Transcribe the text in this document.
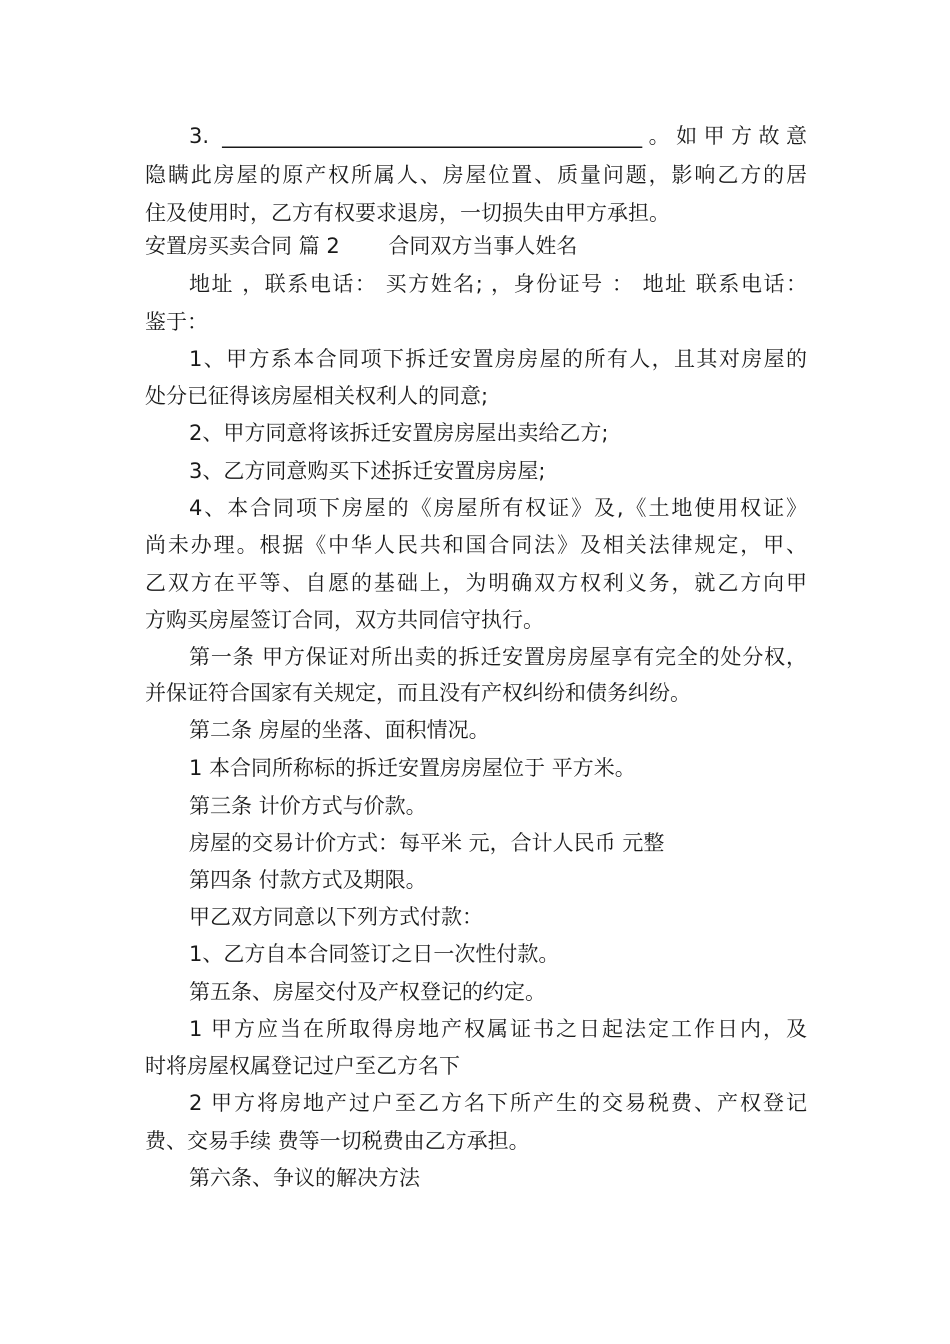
3. ________________________________________。如甲方故意
隐瞒此房屋的原产权所属人、房屋位置、质量问题，影响乙方的居
住及使用时，乙方有权要求退房，一切损失由甲方承担。
安置房买卖合同 篇 2　　 合同双方当事人姓名
地址 ，联系电话： 买方姓名; ，身份证号 ： 地址 联系电话：
鉴于：
1、甲方系本合同项下拆迁安置房房屋的所有人，且其对房屋的
处分已征得该房屋相关权利人的同意;
2、甲方同意将该拆迁安置房房屋出卖给乙方;
3、乙方同意购买下述拆迁安置房房屋;
4、本合同项下房屋的《房屋所有权证》及,《土地使用权证》
尚未办理。根据《中华人民共和国合同法》及相关法律规定，甲、
乙双方在平等、自愿的基础上，为明确双方权利义务，就乙方向甲
方购买房屋签订合同，双方共同信守执行。
第一条 甲方保证对所出卖的拆迁安置房房屋享有完全的处分权，
并保证符合国家有关规定，而且没有产权纠纷和债务纠纷。
第二条 房屋的坐落、面积情况。
1 本合同所称标的拆迁安置房房屋位于 平方米。
第三条 计价方式与价款。
房屋的交易计价方式：每平米 元，合计人民币 元整
第四条 付款方式及期限。
甲乙双方同意以下列方式付款：
1、乙方自本合同签订之日一次性付款。
第五条、房屋交付及产权登记的约定。
1 甲方应当在所取得房地产权属证书之日起法定工作日内，及
时将房屋权属登记过户至乙方名下
2 甲方将房地产过户至乙方名下所产生的交易税费、产权登记
费、交易手续 费等一切税费由乙方承担。
第六条、争议的解决方法
